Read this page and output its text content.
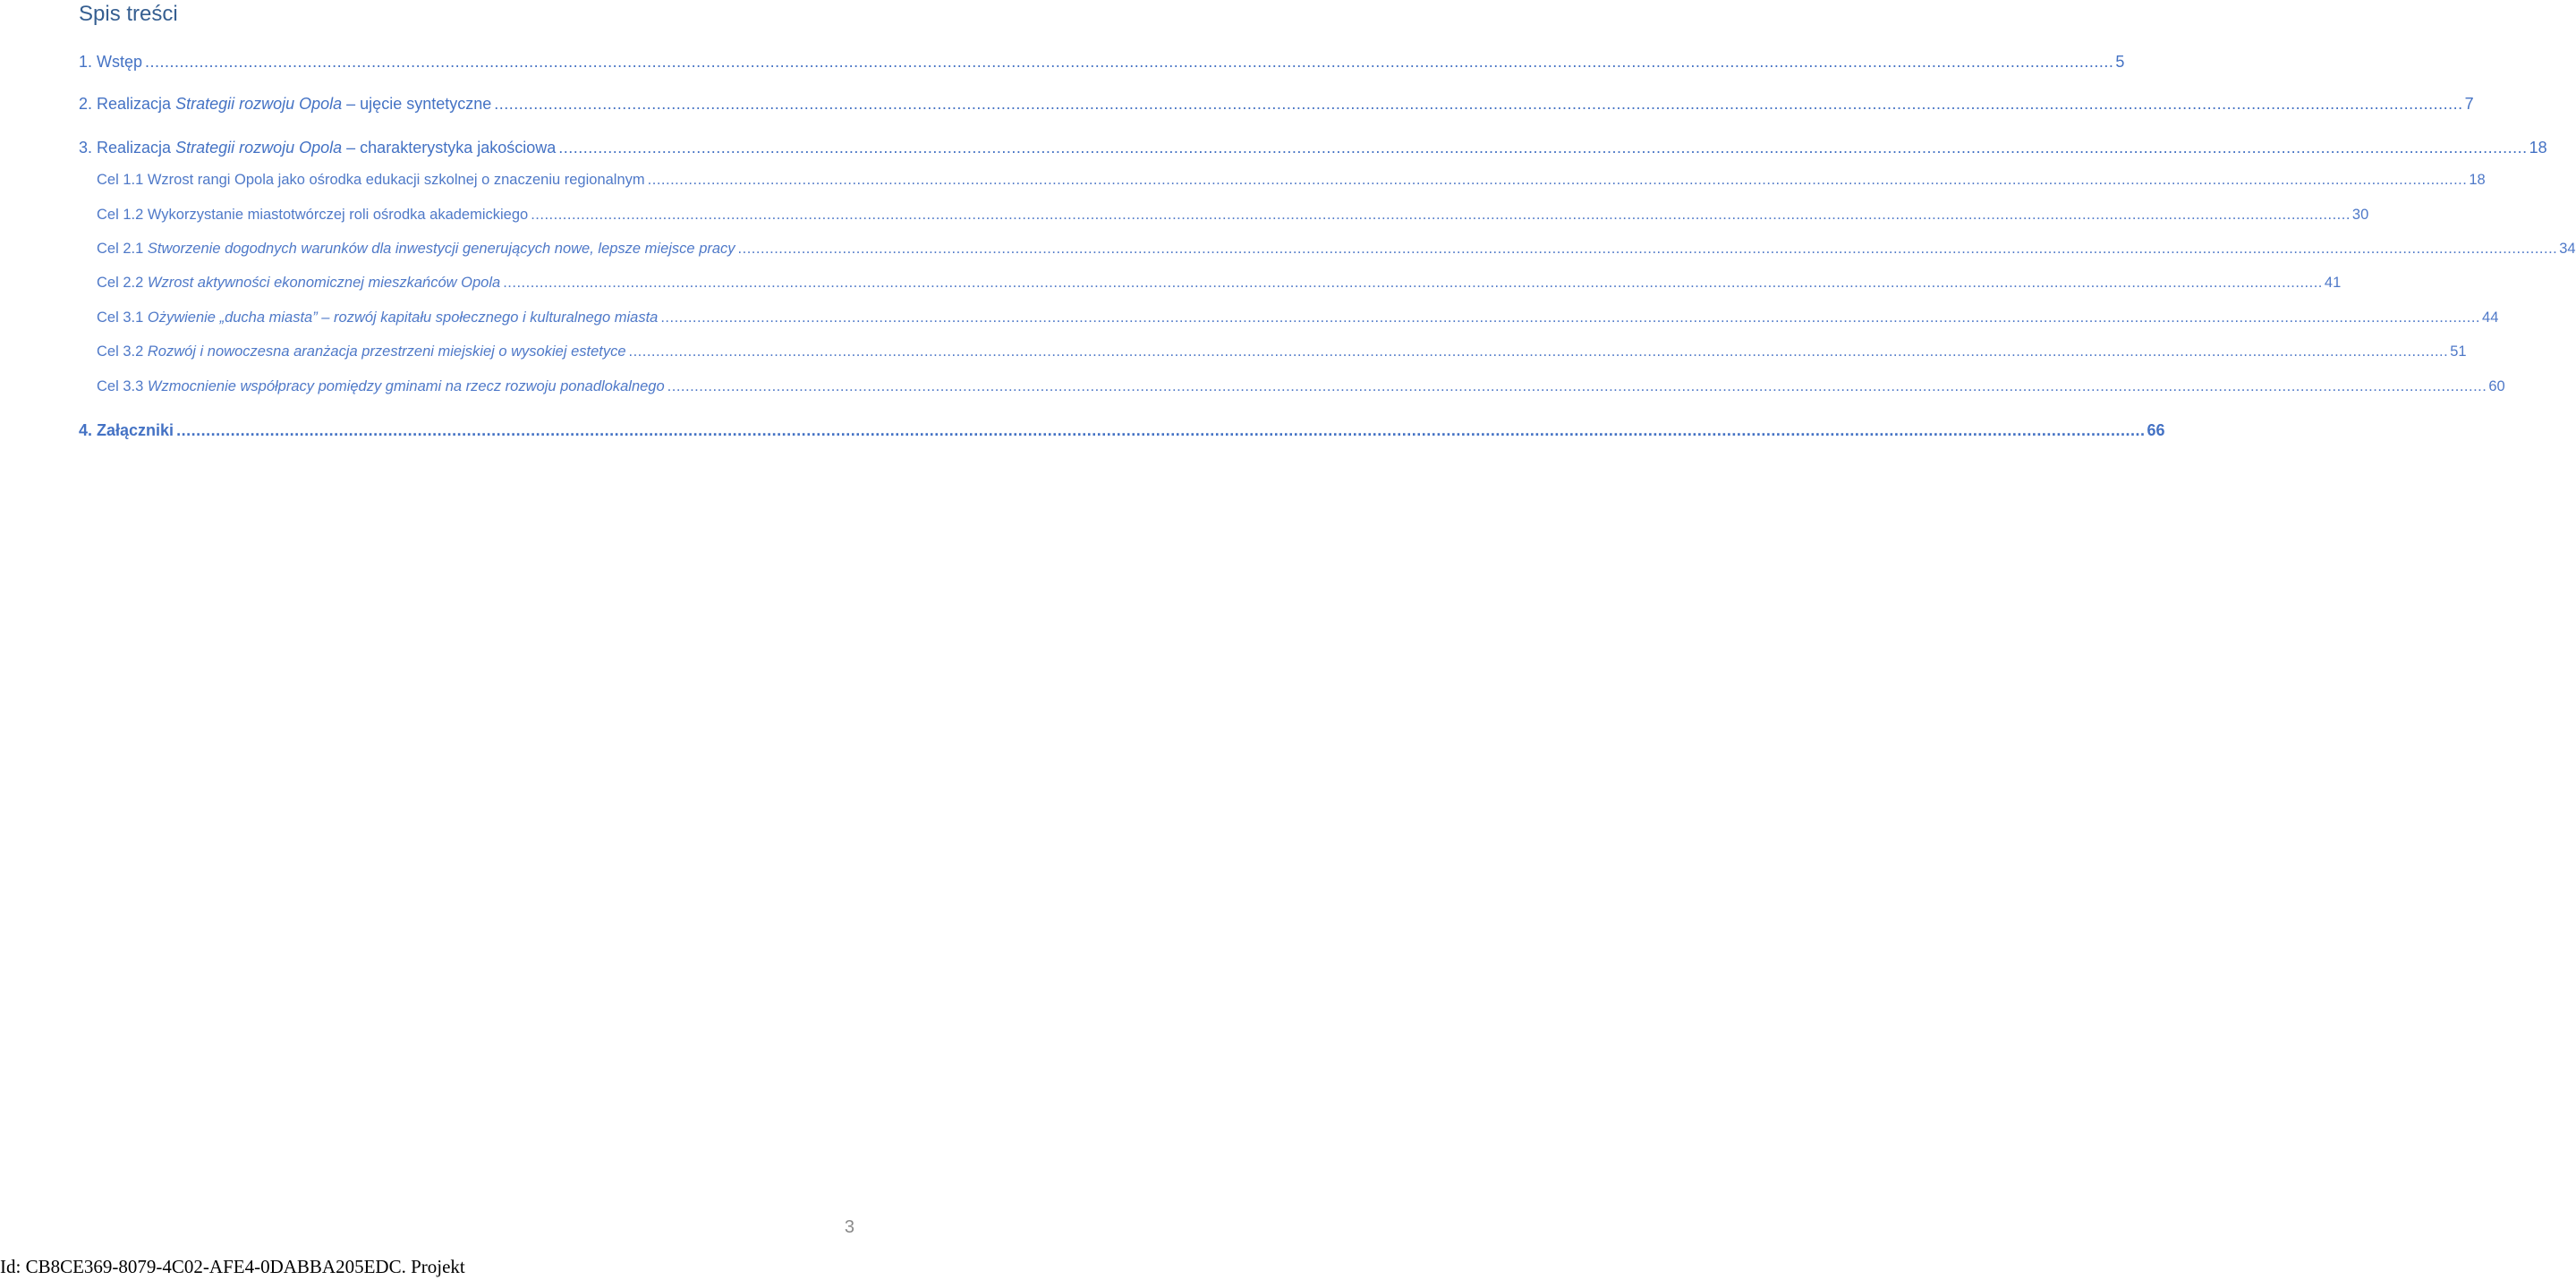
Spis treści
1. Wstęp ................................................................................................................................................................................................................................................................................................................................................................................................................ 5
2. Realizacja Strategii rozwoju Opola – ujęcie syntetyczne ................................................................................................................................................................................................................................................................................................................................................................................................................ 7
3. Realizacja Strategii rozwoju Opola – charakterystyka jakościowa ................................................................................................................................................................................................................................................................................................................................................................................................................ 18
Cel 1.1 Wzrost rangi Opola jako ośrodka edukacji szkolnej o znaczeniu regionalnym ................................................................................................................................................................................................................................................................................................................................................................................................................ 18
Cel 1.2 Wykorzystanie miastotwórczej roli ośrodka akademickiego ................................................................................................................................................................................................................................................................................................................................................................................................................ 30
Cel 2.1 Stworzenie dogodnych warunków dla inwestycji generujących nowe, lepsze miejsce pracy ................................................................................................................................................................................................................................................................................................................................................................................................................ 34
Cel 2.2 Wzrost aktywności ekonomicznej mieszkańców Opola ................................................................................................................................................................................................................................................................................................................................................................................................................ 41
Cel 3.1 Ożywienie „ducha miasta” – rozwój kapitału społecznego i kulturalnego miasta ................................................................................................................................................................................................................................................................................................................................................................................................................ 44
Cel 3.2 Rozwój i nowoczesna aranżacja przestrzeni miejskiej o wysokiej estetyce ................................................................................................................................................................................................................................................................................................................................................................................................................ 51
Cel 3.3 Wzmocnienie współpracy pomiędzy gminami na rzecz rozwoju ponadlokalnego ................................................................................................................................................................................................................................................................................................................................................................................................................ 60
4. Załączniki ................................................................................................................................................................................................................................................................................................................................................................................................................ 66
3
Id: CB8CE369-8079-4C02-AFE4-0DABBA205EDC. Projekt
